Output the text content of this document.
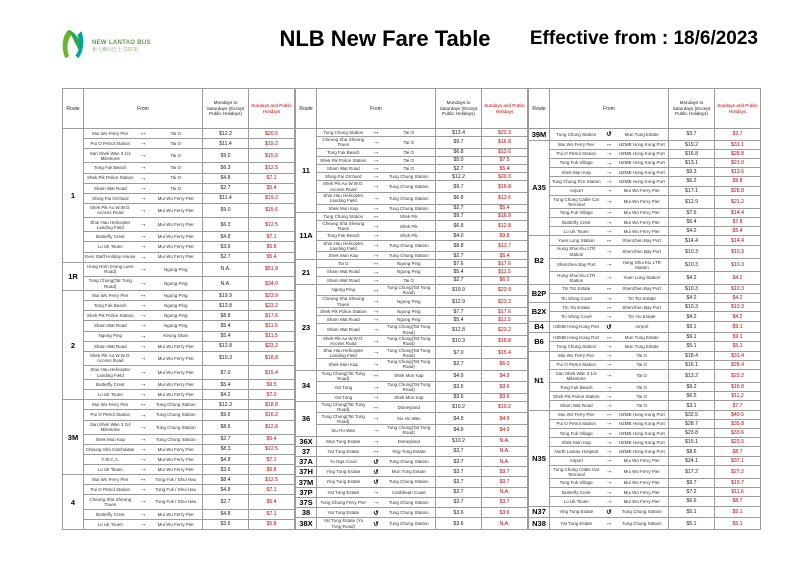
NEW LANTAO BUS
新大嶼山巴士 (1973)	NLB New Fare Table	Effective from : 18/6/2023
Route	From			Mondays to Saturdays (Except Public Holidays)	Sundays and Public Holidays
1	Mui Wo Ferry Pier	↔	Tai O	$12.2	$20.5
	Pui O Petrol Station	→	Tai O	$11.4	$19.2
	San Shek Wan 3 1/4 Milestone	→	Tai O	$9.0	$15.6
	Tong Fuk Beach	→	Tai O	$6.3	$12.5
	Shek Pik Police Station	→	Tai O	$4.8	$7.1
	Sham Wat Road	→	Tai O	$2.7	$5.4
	Shing Fai Orchard	→	Mui Wo Ferry Pier	$11.4	$19.2
	Shek Pik Au W.W.O. Access Road	→	Mui Wo Ferry Pier	$9.0	$15.6
	Shui Hau Helicopter Landing Field	→	Mui Wo Ferry Pier	$6.3	$12.5
	Butterfly Crest	→	Mui Wo Ferry Pier	$4.8	$7.1
	Lo Uk Tsuen	→	Mui Wo Ferry Pier	$3.6	$5.8
	Ever Staff Holiday House	→	Mui Wo Ferry Pier	$2.7	$5.4
1R	Hung Hom (Hung Luen Road)	→	Ngong Ping	N.A.	$51.8
	Tung Chung(Tat Tung Road)	→	Ngong Ping	N.A.	$34.0
2	Mui Wo Ferry Pier	↔	Ngong Ping	$19.9	$23.9
	Tong Fuk Beach	→	Ngong Ping	$12.8	$23.2
	Shek Pik Police Station	→	Ngong Ping	$8.8	$17.6
	Sham Wat Road	→	Ngong Ping	$5.4	$11.5
	Ngong Ping	→	Keung Shan	$5.4	$11.5
	Sham Wat Road	→	Mui Wo Ferry Pier	$12.8	$23.2
	Shek Pik Au W.W.O. Access Road	→	Mui Wo Ferry Pier	$10.3	$18.8
	Shui Hau Helicopter Landing Field	→	Mui Wo Ferry Pier	$7.0	$15.4
	Butterfly Crest	→	Mui Wo Ferry Pier	$5.4	$9.5
	Lo Uk Tsuen	→	Mui Wo Ferry Pier	$4.2	$7.0
3M	Mui Wo Ferry Pier	↔	Tung Chung Station	$12.3	$18.8
	Pui O Petrol Station	→	Tung Chung Station	$9.6	$16.2
	San Shek Wan 3 1/4 Milestone	→	Tung Chung Station	$8.6	$12.8
	Shek Mun Kap	→	Tung Chung Station	$2.7	$5.4
	Cheung Sha Catchwater	→	Mui Wo Ferry Pier	$8.3	$12.5
	Y.W.C.A.	→	Mui Wo Ferry Pier	$4.8	$7.1
	Lo Uk Tsuen	→	Mui Wo Ferry Pier	$3.6	$5.8
4	Mui Wo Ferry Pier	↔	Tong Fuk / Shui Hau	$8.4	$12.5
	Pui O Petrol Station	→	Tong Fuk / Shui Hau	$4.8	$7.1
	Cheung Sha Sheung Tsuen	→	Tong Fuk / Shui Hau	$2.7	$5.4
	Butterfly Crest	→	Mui Wo Ferry Pier	$4.8	$7.1
	Lo Uk Tsuen	→	Mui Wo Ferry Pier	$3.6	$5.8
Route	From			Mondays to Saturdays (Except Public Holidays)	Sundays and Public Holidays
11	Tung Chung Station	↔	Tai O	$13.4	$22.3
	Cheung Sha Sheung Tsuen	→	Tai O	$9.7	$16.8
	Tong Fuk Beach	→	Tai O	$6.8	$13.6
	Shek Pik Police Station	→	Tai O	$5.0	$7.5
	Sham Wat Road	→	Tai O	$2.7	$5.4
	Shing Fai Orchard	→	Tung Chung Station	$12.2	$20.3
	Shek Pik Au W.W.O. Access Road	→	Tung Chung Station	$9.7	$16.8
	Shui Hau Helicopter Landing Field	→	Tung Chung Station	$6.8	$13.6
	Shek Mun Kap	→	Tung Chung Station	$2.7	$5.4
11A	Tung Chung Station	↔	Shek Pik	$9.7	$16.9
	Cheung Sha Sheung Tsuen	→	Shek Pik	$6.8	$12.8
	Tong Fuk Beach	→	Shek Pik	$4.0	$9.8
	Shui Hau Helicopter Landing Field	→	Tung Chung Station	$8.8	$13.7
	Shek Mun Kap	→	Tung Chung Station	$2.7	$5.4
21	Tai O	↔	Ngong Ping	$7.6	$17.6
	Sham Wat Road	→	Ngong Ping	$5.4	$11.5
	Sham Wat Road	→	Tai O	$2.7	$6.0
23	Ngong Ping	↔	Tung Chung(Tat Tung Road)	$19.9	$23.9
	Cheung Sha Sheung Tsuen	→	Ngong Ping	$12.9	$23.2
	Shek Pik Police Station	→	Ngong Ping	$7.7	$17.6
	Sham Wat Road	→	Ngong Ping	$5.4	$11.5
	Sham Wat Road	→	Tung Chung(Tat Tung Road)	$12.8	$23.2
	Shek Pik Au W.W.O. Access Road	→	Tung Chung(Tat Tung Road)	$10.3	$18.8
	Shui Hau Helicopter Landing Field	→	Tung Chung(Tat Tung Road)	$7.0	$15.4
	Shek Mun Kap	→	Tung Chung(Tat Tung Road)	$2.7	$6.0
34	Tung Chung(Tat Tung Road)	↔	Shek Mun Kap	$4.9	$4.9
	Yat Tung	→	Tung Chung(Tat Tung Road)	$3.6	$3.6
	Yat Tung	→	Shek Mun Kap	$3.6	$3.6
36	Tung Chung(Tat Tung Road)	↔	Disneyland	$10.2	$10.2
	Tung Chung(Tat Tung Road)	→	Siu Ho Wan	$4.9	$4.9
	Siu Ho Wan	→	Tung Chung(Tat Tung Road)	$4.9	$4.9
36X	Mun Tung Estate	→	Disneyland	$10.2	N.A.
37	Yat Tung Estate	↔	Ying Tung Estate	$3.7	N.A.
37A	Yu Nga Court	↺	Tung Chung Station	$3.7	N.A.
37H	Ying Tung Estate	↺	Mun Tung Estate	$3.7	$3.7
37M	Ying Tung Estate	↺	Tung Chung Station	$3.7	$3.7
37P	Yat Tung Estate	→	Caribbean Coast	$3.7	N.A.
37S	Tung Chung Ferry Pier	→	Tung Chung Station	$3.7	$3.7
38	Yat Tung Estate	↺	Tung Chung Station	$3.6	$3.6
38X	Yat Tung Estate (Yu Tung Road)	↺	Tung Chung Station	$3.6	N.A.
Route	From			Mondays to Saturdays (Except Public Holidays)	Sundays and Public Holidays
39M	Tung Chung Station	↺	Mun Tung Estate	$3.7	$3.7
A35	Mui Wo Ferry Pier	↔	HZMB Hong Kong Port	$19.2	$31.1
	Pui O Petrol Station	→	HZMB Hong Kong Port	$16.8	$28.8
	Tong Fuk Village	→	HZMB Hong Kong Port	$13.1	$21.0
	Shek Mun Kap	→	HZMB Hong Kong Port	$9.3	$13.6
	Tung Chung Fire Station	→	HZMB Hong Kong Port	$6.2	$9.8
	Airport	→	Mui Wo Ferry Pier	$17.1	$28.8
	Tung Chung Cable Car Terminal	→	Mui Wo Ferry Pier	$12.9	$21.2
	Tong Fuk Village	→	Mui Wo Ferry Pier	$7.6	$14.4
	Butterfly Crest	→	Mui Wo Ferry Pier	$5.4	$7.8
	Lo Uk Tsuen	→	Mui Wo Ferry Pier	$4.2	$5.4
B2	Yuen Long Station	↔	Shenzhen Bay Port	$14.4	$14.4
	Hung Shui Kiu LTR Station	→	Shenzhen Bay Port	$10.3	$10.3
	Shenzhen Bay Port	→	Hung Shui Kiu LTR Station	$10.3	$10.3
	Hung Shui Kiu LTR Station	→	Yuen Long Station	$4.2	$4.2
B2P	Tin Tsz Estate	↔	Shenzhen Bay Port	$10.3	$10.3
	Tin Shing Court	→	Tin Tsz Estate	$4.2	$4.2
B2X	Tin Yiu Estate	↔	Shenzhen Bay Port	$10.3	$10.3
	Tin Shing Court	→	Tin Yiu Estate	$4.2	$4.2
B4	HZMB Hong Kong Port	↺	Airport	$9.1	$9.1
B6	HZMB Hong Kong Port	↔	Mun Tung Estate	$9.1	$9.1
	Tung Chung Station	→	Mun Tung Estate	$5.1	$5.1
N1	Mui Wo Ferry Pier	→	Tai O	$18.4	$31.4
	Pui O Petrol Station	→	Tai O	$16.1	$28.4
	San Shek Wan 3 1/4 Milestone	→	Tai O	$13.2	$23.2
	Tong Fuk Beach	→	Tai O	$9.2	$16.8
	Shek Pik Police Station	→	Tai O	$6.5	$11.2
	Sham Wat Road	→	Tai O	$3.1	$7.7
N35	Mui Wo Ferry Pier	↔	HZMB Hong Kong Port	$32.5	$40.5
	Pui O Petrol Station	→	HZMB Hong Kong Port	$28.7	$35.8
	Tong Fuk Village	→	HZMB Hong Kong Port	$23.8	$33.6
	Shek Mun Kap	→	HZMB Hong Kong Port	$15.1	$23.5
	North Lantau Hospital	→	HZMB Hong Kong Port	$8.6	$8.7
	Airport	→	Mui Wo Ferry Pier	$24.1	$37.1
	Tung Chung Cable Car Terminal	→	Mui Wo Ferry Pier	$17.2	$27.2
	Tong Fuk Village	→	Mui Wo Ferry Pier	$9.7	$19.7
	Butterfly Crest	→	Mui Wo Ferry Pier	$7.2	$11.6
	Lo Uk Tsuen	→	Mui Wo Ferry Pier	$6.6	$8.7
N37	Ying Tung Estate	↺	Tung Chung Station	$5.1	$5.1
N38	Yat Tung Estate	↔	Tung Chung Station	$5.1	$5.1
